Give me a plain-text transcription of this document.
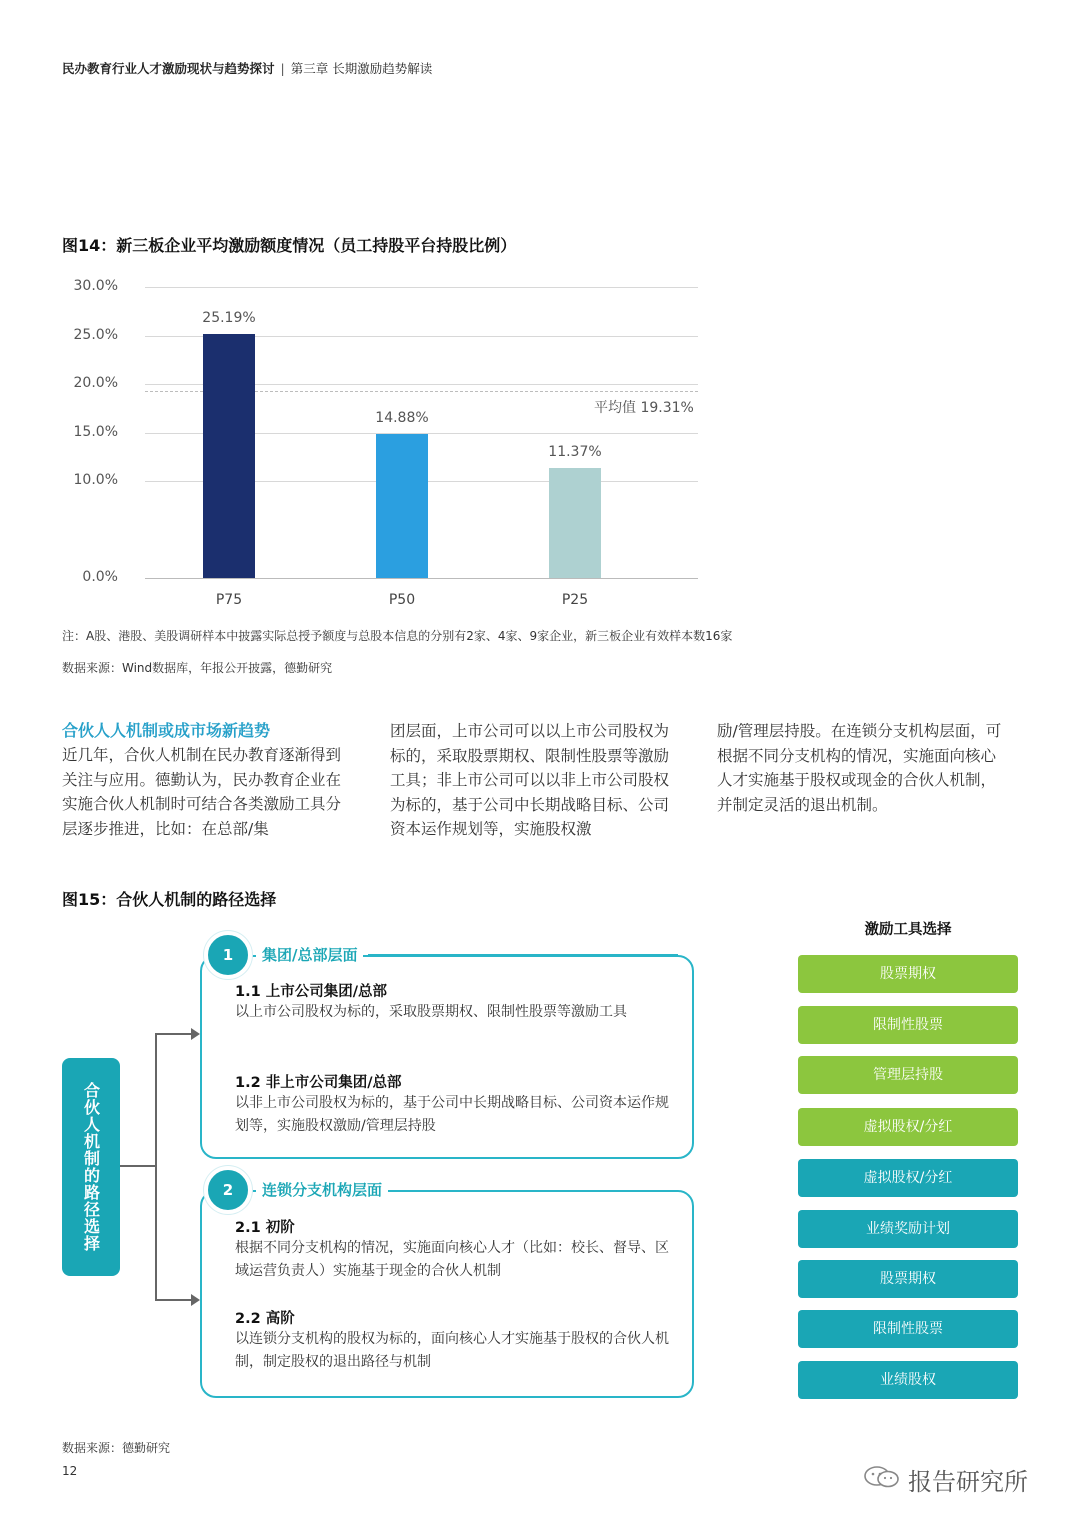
民办教育行业人才激励现状与趋势探讨 | 第三章 长期激励趋势解读
图14：新三板企业平均激励额度情况（员工持股平台持股比例）
0.0%
10.0%
15.0%
20.0%
25.0%
30.0%
平均值 19.31%
25.19%
P75
14.88%
P50
11.37%
P25
注：A股、港股、美股调研样本中披露实际总授予额度与总股本信息的分别有2家、4家、9家企业，新三板企业有效样本数16家
数据来源：Wind数据库，年报公开披露，德勤研究
合伙人人机制或成市场新趋势
近几年，合伙人机制在民办教育逐渐得到关注与应用。德勤认为，民办教育企业在实施合伙人机制时可结合各类激励工具分层逐步推进，比如：在总部/集
团层面，上市公司可以以上市公司股权为标的，采取股票期权、限制性股票等激励工具；非上市公司可以以非上市公司股权为标的，基于公司中长期战略目标、公司资本运作规划等，实施股权激
励/管理层持股。在连锁分支机构层面，可根据不同分支机构的情况，实施面向核心人才实施基于股权或现金的合伙人机制，并制定灵活的退出机制。
图15：合伙人机制的路径选择
合伙人机制的路径选择
1	集团/总部层面
1.1 上市公司集团/总部
以上市公司股权为标的，采取股票期权、限制性股票等激励工具
1.2 非上市公司集团/总部
以非上市公司股权为标的，基于公司中长期战略目标、公司资本运作规划等，实施股权激励/管理层持股
2	连锁分支机构层面
2.1 初阶
根据不同分支机构的情况，实施面向核心人才（比如：校长、督导、区域运营负责人）实施基于现金的合伙人机制
2.2 高阶
以连锁分支机构的股权为标的，面向核心人才实施基于股权的合伙人机制，制定股权的退出路径与机制
激励工具选择
股票期权
限制性股票
管理层持股
虚拟股权/分红
虚拟股权/分红
业绩奖励计划
股票期权
限制性股票
业绩股权
数据来源：德勤研究
12	报告研究所
